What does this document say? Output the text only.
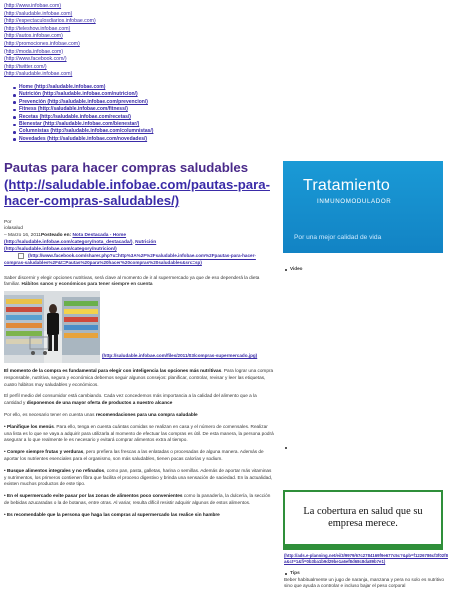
(http://www.infobae.com)
(http://saludable.infobae.com)
(http://espectaculosdiarios.infobae.com)
(http://teleshow.infobae.com)
(http://autos.infobae.com)
(http://promociones.infobae.com)
(http://moda.infobae.com)
(http://www.facebook.com/)
(http://twitter.com/)
(http://saludable.infobae.com)
Home (http://saludable.infobae.com)
Nutrición (http://saludable.infobae.com/nutricion/)
Prevención (http://saludable.infobae.com/prevencion/)
Fitness (http://saludable.infobae.com/fitness/)
Recetas (http://saludable.infobae.com/recetas/)
Bienestar (http://saludable.infobae.com/bienestar/)
Columnistas (http://saludable.infobae.com/columnistas/)
Novedades (http://saludable.infobae.com/novedades/)
Pautas para hacer compras saludables
(http://saludable.infobae.com/pautas-para-hacer-compras-saludables/)
Por
iolasalud
– Marzo 16, 2011Posteado en: Nota Destacada - Home
(http://saludable.infobae.com/category/nota_destacada/), Nutrición
(http://saludable.infobae.com/category/nutricion/)
(http://www.facebook.com/sharer.php?u=http%3A%2F%2Fsaludable.infobae.com%2Fpautas-para-hacer-compras-saludables%2F&t=Pautas%20para%20hacer%20compras%20saludables&src=sp)
Saber discernir y elegir opciones nutritivas, será clave al momento de ir al supermercado ya que de eso dependerá la dieta familiar. Hábitos sanos y económicos para tener siempre en cuenta
(http://saludable.infobae.com/files/2011/03/compras-supermercado.jpg)
El momento de la compra es fundamental para elegir con inteligencia las opciones más nutritivas. Para lograr una compra responsable, nutritiva, segura y económica debemos seguir algunos consejos: planificar, controlar, revisar y leer las etiquetas, cuatro hábitos muy saludables y económicos.
El perfil medio del consumidor está cambiando. Cada vez concedemos más importancia a la calidad del alimento que a la cantidad y disponemos de una mayor oferta de productos a nuestro alcance
Por ello, es necesario tener en cuenta unas recomendaciones para una compra saludable
• Planifique los menús. Para ello, tenga en cuenta cuántas comidas se realizan en casa y el número de comensales. Realizar una lista es lo que se vaya a adquirir para utilizarla al momento de efectuar las compras es útil. De esta manera, la persona podrá asegurar a lo que realmente le es necesario y evitará comprar alimentos extra al tiempo.
• Compre siempre frutas y verduras, pero prefiera las frescas a las enlatadas o procesadas de alguna manera. Además de aportar los nutrientes esenciales para el organismo, son más saludables, tienen pocas calorías y sodium.
• Busque alimentos integrales y no refinados, como pan, pasta, galletas, harina o semillas. Además de aportar más vitaminas y nutrimentos, los primeros contienen fibra que facilita el proceso digestivo y brinda una sensación de saciedad. En la actualidad, existen muchos productos de este tipo.
• En el supermercado evite pasar por las zonas de alimentos poco convenientes como la panadería, la dulcería, la sección de bebidas azucaradas o la de botanas, entre otras. Al variar, resulta difícil resistir adquirir algunos de estos alimentos.
• Es recomendable que la persona que haga las compras al supermercado las realice sin hambre
Tratamiento
INMUNOMODULADOR
Por una mejor calidad de vida
Video
La cobertura en salud que su empresa merece.
(http://ads.e-planning.net/ei/3/9979/67c2784169f9e677c5c?&pb=f1226786cf3f02f8a&ct=1&fi=0b3ba1b9d29be1a6ef8d68c8da89b7e1)
Tips
Beber habitualmente un jugo de naranja, manzana y pera no solo es nutritivo sino que ayuda a controlar e incluso bajar el peso corporal
